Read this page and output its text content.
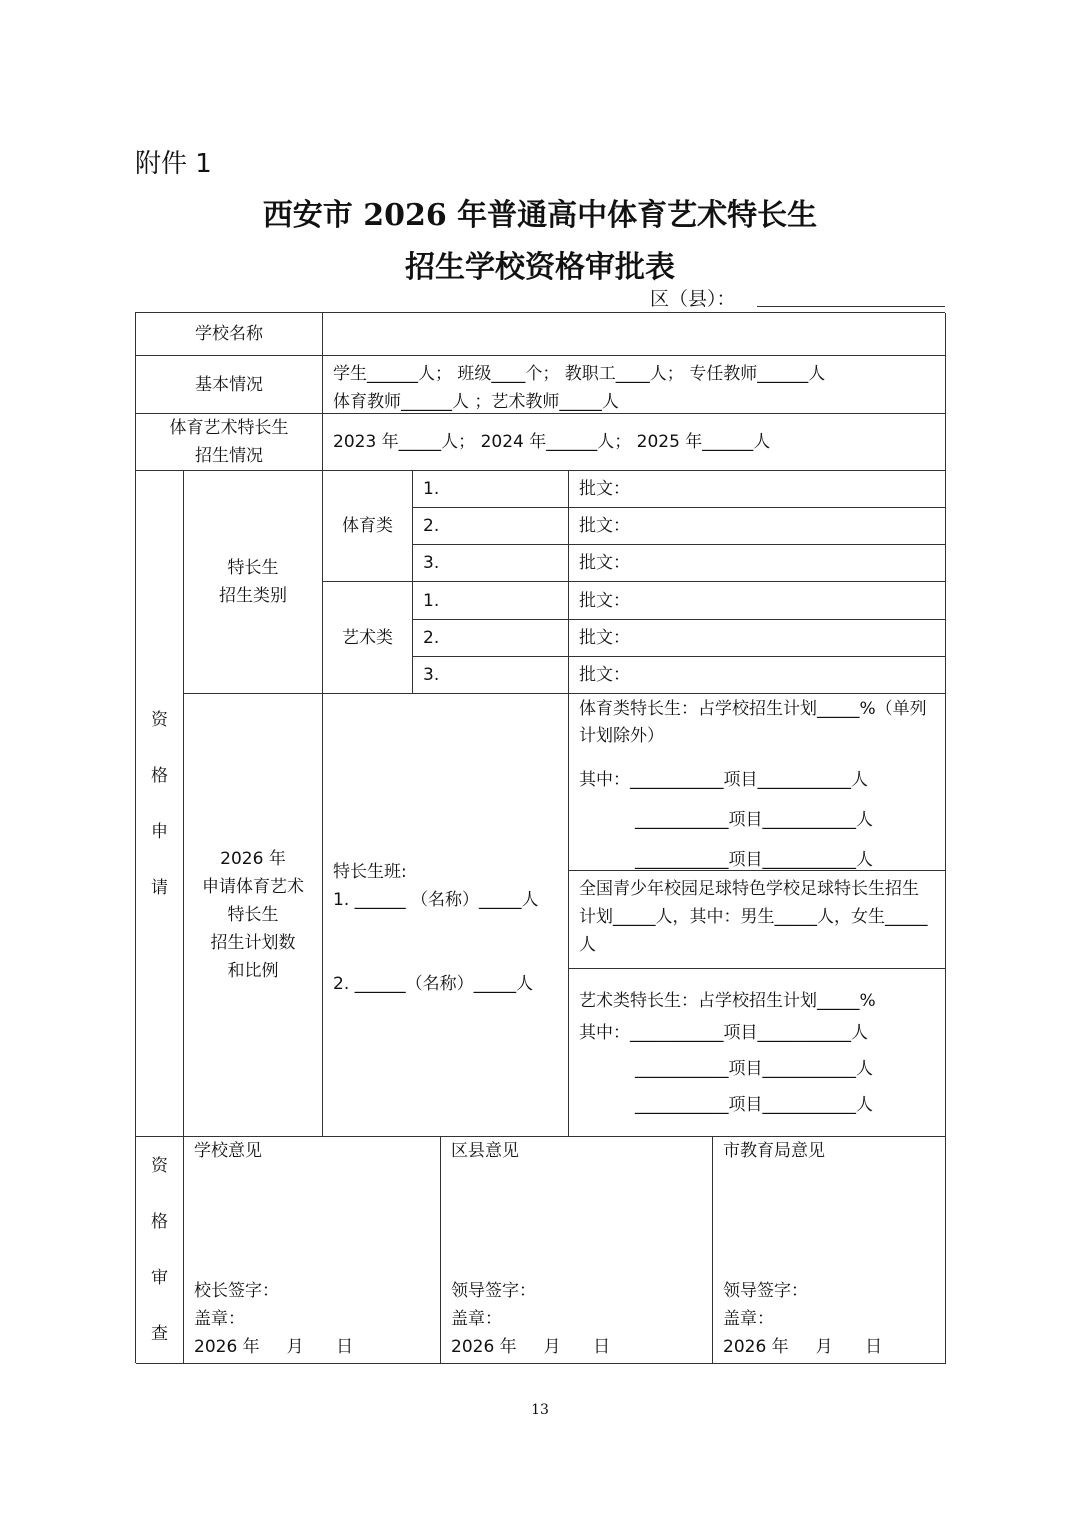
附件 1
西安市 2026 年普通高中体育艺术特长生
招生学校资格审批表
区（县）：
学校名称
基本情况

学生______人； 班级____个； 教职工____人； 专任教师______人

体育教师______人 ；艺术教师_____人

体育艺术特长生

招生情况

2023 年_____人； 2024 年______人； 2025 年______人
资
格
申
请

特长生

招生类别

体育类
艺术类
1.
2.
3.
1.
2.
3.
批文：
批文：
批文：
批文：
批文：
批文：

2026 年

申请体育艺术

特长生

招生计划数

和比例

特长生班:

1. ______ （名称）_____人

2. ______（名称）_____人

体育类特长生：占学校招生计划_____%（单列计划除外）

其中：___________项目___________人

___________项目___________人

___________项目___________人

全国青少年校园足球特色学校足球特长生招生计划_____人，其中：男生_____人，女生_____人

艺术类特长生：占学校招生计划_____%

其中：___________项目___________人

___________项目___________人

___________项目___________人

资
格
审
查

学校意见

校长签字：

盖章：

2026 年     月      日

区县意见

领导签字：

盖章：

2026 年     月      日

市教育局意见

领导签字：

盖章：

2026 年     月      日

13
